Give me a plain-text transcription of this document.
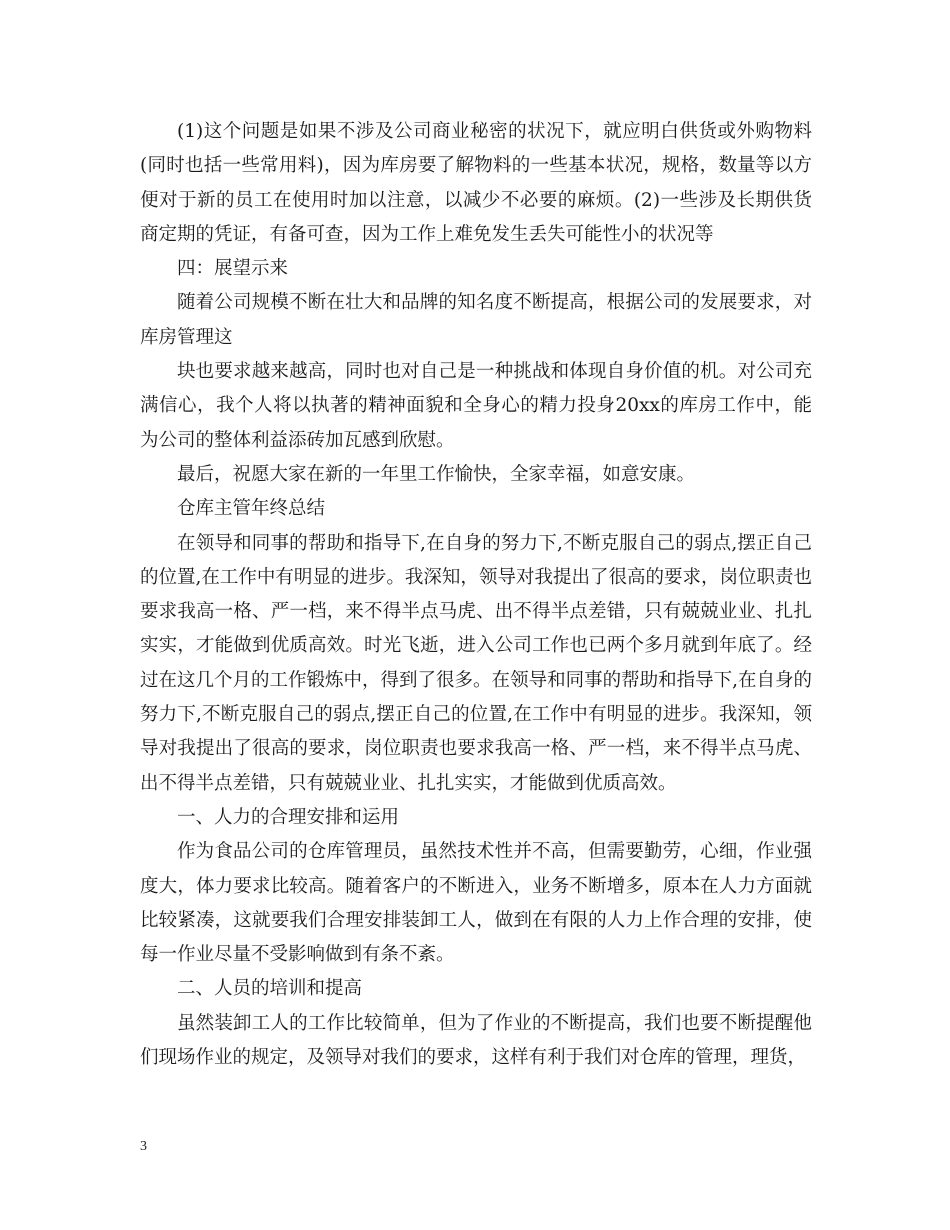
(1)这个问题是如果不涉及公司商业秘密的状况下，就应明白供货或外购物料(同时也括一些常用料)，因为库房要了解物料的一些基本状况，规格，数量等以方便对于新的员工在使用时加以注意，以减少不必要的麻烦。(2)一些涉及长期供货商定期的凭证，有备可查，因为工作上难免发生丢失可能性小的状况等

四：展望示来

随着公司规模不断在壮大和品牌的知名度不断提高，根据公司的发展要求，对库房管理这

块也要求越来越高，同时也对自己是一种挑战和体现自身价值的机。对公司充满信心，我个人将以执著的精神面貌和全身心的精力投身20xx的库房工作中，能为公司的整体利益添砖加瓦感到欣慰。

最后，祝愿大家在新的一年里工作愉快，全家幸福，如意安康。

仓库主管年终总结

在领导和同事的帮助和指导下,在自身的努力下,不断克服自己的弱点,摆正自己的位置,在工作中有明显的进步。我深知，领导对我提出了很高的要求，岗位职责也要求我高一格、严一档，来不得半点马虎、出不得半点差错，只有兢兢业业、扎扎实实，才能做到优质高效。时光飞逝，进入公司工作也已两个多月就到年底了。经过在这几个月的工作锻炼中，得到了很多。在领导和同事的帮助和指导下,在自身的努力下,不断克服自己的弱点,摆正自己的位置,在工作中有明显的进步。我深知，领导对我提出了很高的要求，岗位职责也要求我高一格、严一档，来不得半点马虎、出不得半点差错，只有兢兢业业、扎扎实实，才能做到优质高效。

一、人力的合理安排和运用

作为食品公司的仓库管理员，虽然技术性并不高，但需要勤劳，心细，作业强度大，体力要求比较高。随着客户的不断进入，业务不断增多，原本在人力方面就比较紧凑，这就要我们合理安排装卸工人，做到在有限的人力上作合理的安排，使每一作业尽量不受影响做到有条不紊。

二、人员的培训和提高

虽然装卸工人的工作比较简单，但为了作业的不断提高，我们也要不断提醒他们现场作业的规定，及领导对我们的要求，这样有利于我们对仓库的管理，理货，

3
